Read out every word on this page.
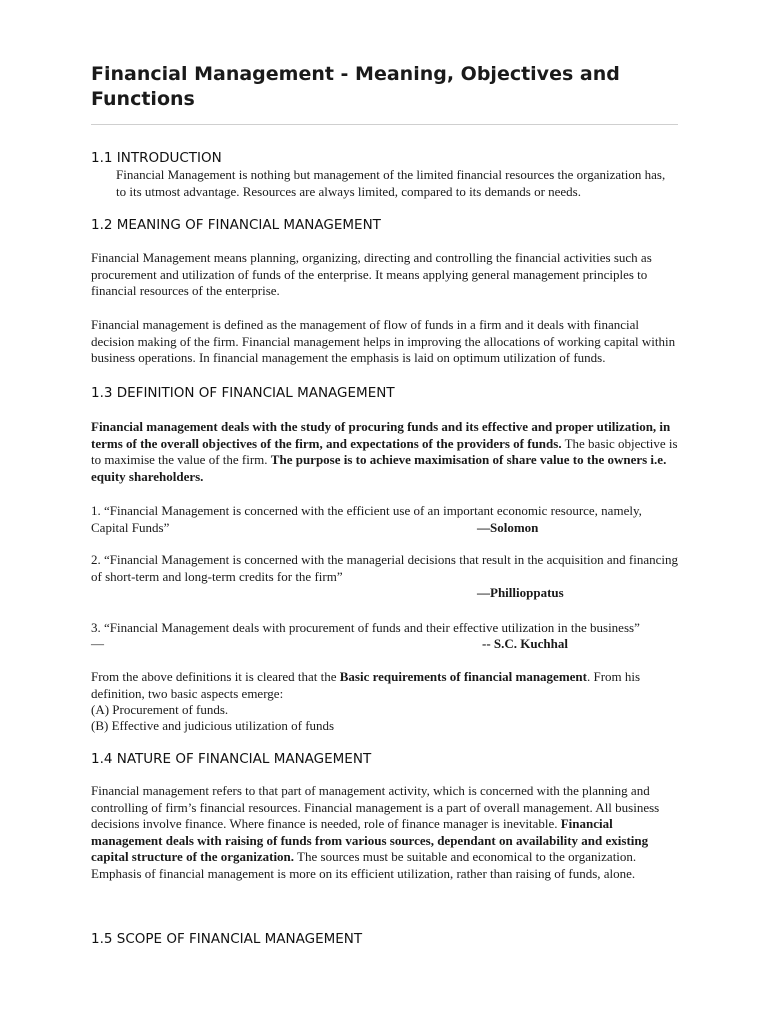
Financial Management - Meaning, Objectives and Functions
1.1 INTRODUCTION

Financial Management is nothing but management of the limited financial resources the organization has, to its utmost advantage. Resources are always limited, compared to its demands or needs.

1.2 MEANING OF FINANCIAL MANAGEMENT

Financial Management means planning, organizing, directing and controlling the financial activities such as procurement and utilization of funds of the enterprise. It means applying general management principles to financial resources of the enterprise.

Financial management is defined as the management of flow of funds in a firm and it deals with financial decision making of the firm. Financial management helps in improving the allocations of working capital within business operations. In financial management the emphasis is laid on optimum utilization of funds.

1.3 DEFINITION OF FINANCIAL MANAGEMENT

Financial management deals with the study of procuring funds and its effective and proper utilization, in terms of the overall objectives of the firm, and expectations of the providers of funds. The basic objective is to maximise the value of the firm. The purpose is to achieve maximisation of share value to the owners i.e. equity shareholders.

1. “Financial Management is concerned with the efficient use of an important economic resource, namely, Capital Funds”	—Solomon

2. “Financial Management is concerned with the managerial decisions that result in the acquisition and financing of short-term and long-term credits for the firm”

—Phillioppatus

3. “Financial Management deals with procurement of funds and their effective utilization in the business”

—	-- S.C. Kuchhal

From the above definitions it is cleared that the Basic requirements of financial management. From his definition, two basic aspects emerge:

(A) Procurement of funds.

(B) Effective and judicious utilization of funds

1.4 NATURE OF FINANCIAL MANAGEMENT

Financial management refers to that part of management activity, which is concerned with the planning and controlling of firm’s financial resources. Financial management is a part of overall management. All business decisions involve finance. Where finance is needed, role of finance manager is inevitable. Financial management deals with raising of funds from various sources, dependant on availability and existing capital structure of the organization. The sources must be suitable and economical to the organization. Emphasis of financial management is more on its efficient utilization, rather than raising of funds, alone.

1.5 SCOPE OF FINANCIAL MANAGEMENT
